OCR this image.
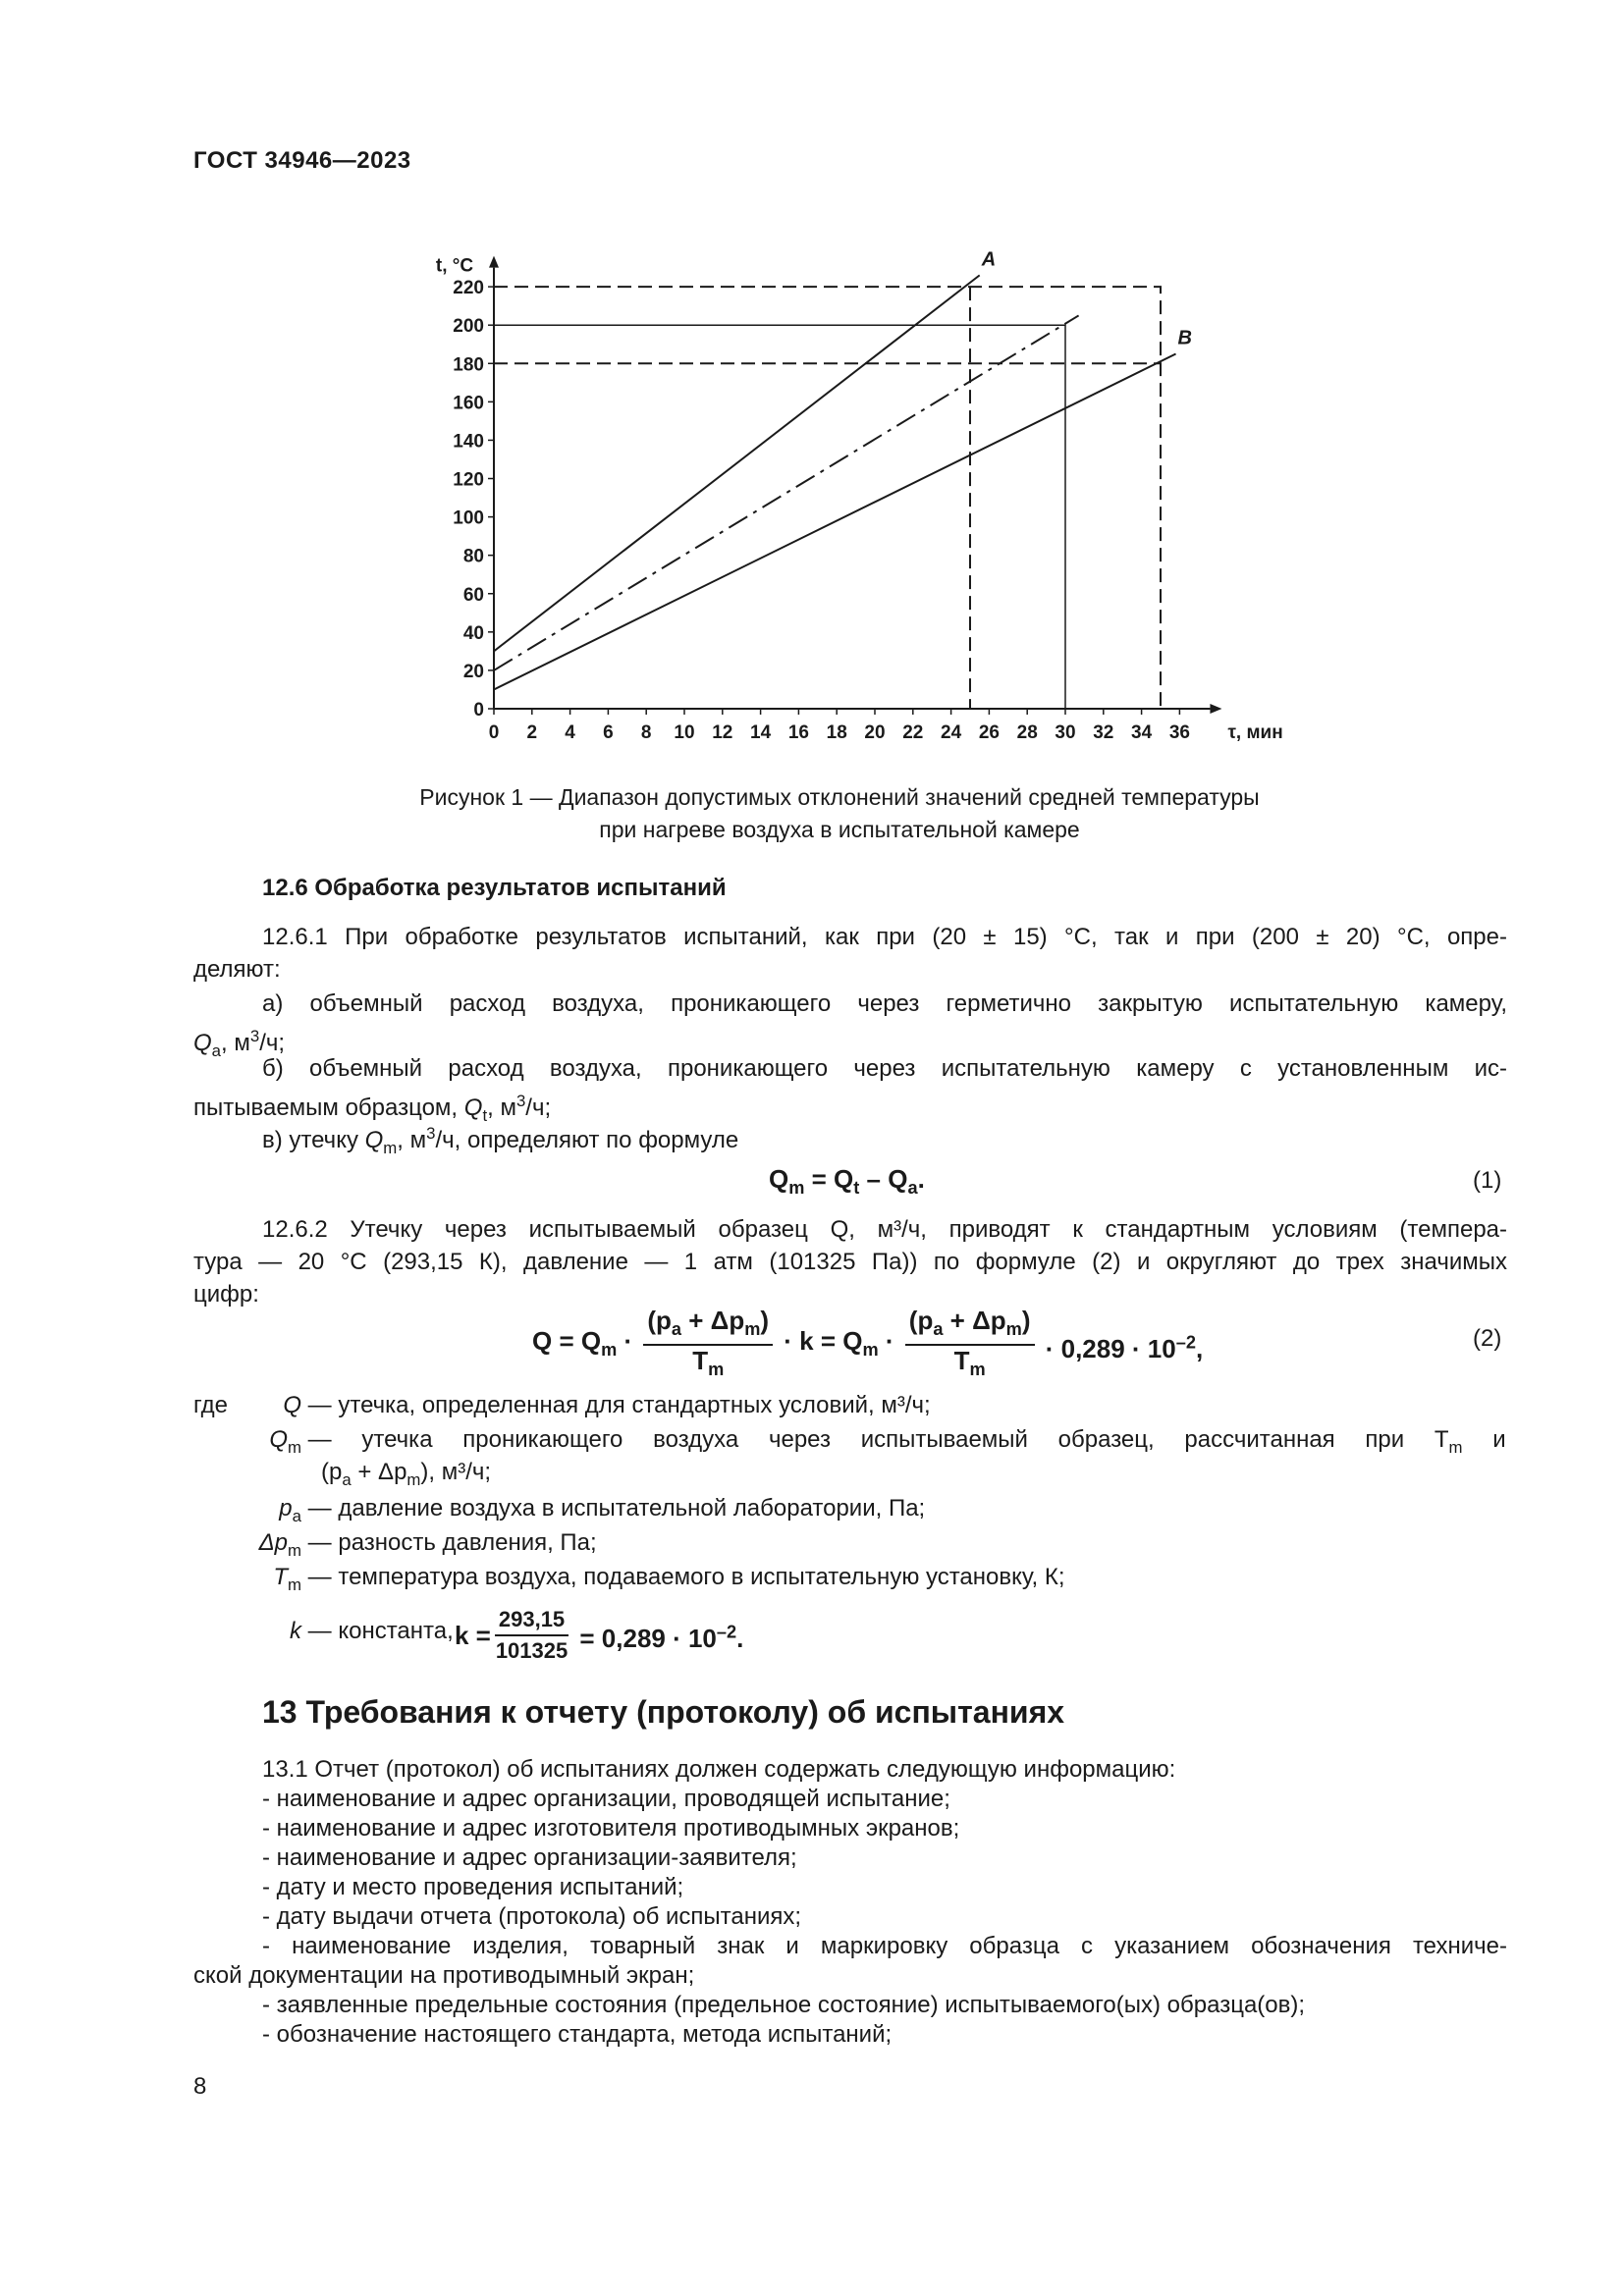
ГОСТ 34946—2023
0 2 4 6 8 10 12 14 16 18 20 22 24 26 28 30 32 34 36
0
20
40
60
80
100
120
140
160
180
200
220
t, °C
τ, мин
A
B
Рисунок 1 — Диапазон допустимых отклонений значений средней температуры
при нагреве воздуха в испытательной камере
12.6 Обработка результатов испытаний
12.6.1 При обработке результатов испытаний, как при (20 ± 15) °С, так и при (200 ± 20) °С, опре-
деляют:
а) объемный расход воздуха, проникающего через герметично закрытую испытательную камеру,
$Q_a$, $м^3/ч$;
б) объемный расход воздуха, проникающего через испытательную камеру с установленным ис-
пытываемым образцом, $Q_t$, $м^3/ч$;
в) утечку $Q_m$, $м^3/ч$, определяют по формуле
$Q_m = Q_t - Q_a$.	(1)
12.6.2 Утечку через испытываемый образец Q, м³/ч, приводят к стандартным условиям (темпера-
тура — 20 °С (293,15 К), давление — 1 атм (101325 Па)) по формуле (2) и округляют до трех значимых
цифр:
$Q = Q_m \cdot \frac{(p_a + \Delta p_m)}{T_m} \cdot k = Q_m \cdot \frac{(p_a + \Delta p_m)}{T_m} \cdot 0,289 \cdot 10^{-2}$,	(2)
где	Q — утечка, определенная для стандартных условий, м³/ч;
$Q_m$ — утечка проникающего воздуха через испытываемый образец, рассчитанная при $T_m$ и
$(p_a + \Delta p_m)$, м³/ч;
$p_a$ — давление воздуха в испытательной лаборатории, Па;
$\Delta p_m$ — разность давления, Па;
$T_m$ — температура воздуха, подаваемого в испытательную установку, К;
k — константа, $k = \frac{293,15}{101325} = 0,289 \cdot 10^{-2}$.
13 Требования к отчету (протоколу) об испытаниях
13.1 Отчет (протокол) об испытаниях должен содержать следующую информацию:
- наименование и адрес организации, проводящей испытание;
- наименование и адрес изготовителя противодымных экранов;
- наименование и адрес организации-заявителя;
- дату и место проведения испытаний;
- дату выдачи отчета (протокола) об испытаниях;
- наименование изделия, товарный знак и маркировку образца с указанием обозначения техниче-
ской документации на противодымный экран;
- заявленные предельные состояния (предельное состояние) испытываемого(ых) образца(ов);
- обозначение настоящего стандарта, метода испытаний;
8
